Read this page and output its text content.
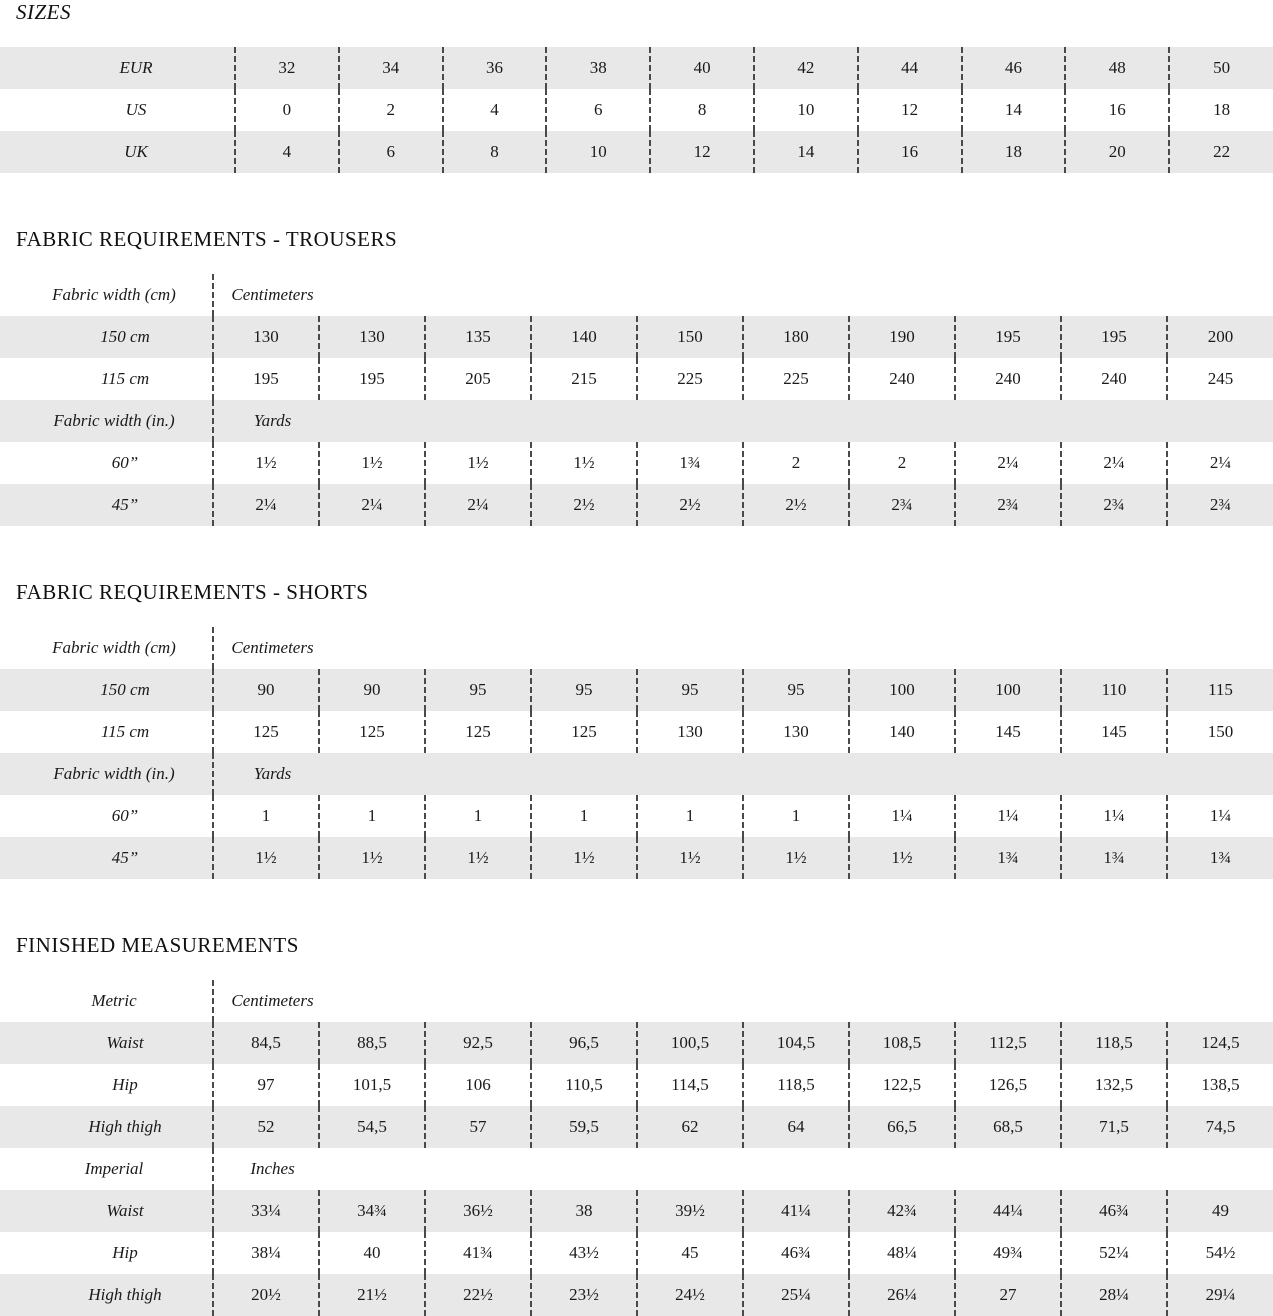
SIZES
EUR	32	34	36	38	40	42	44	46	48	50
US	0	2	4	6	8	10	12	14	16	18
UK	4	6	8	10	12	14	16	18	20	22
FABRIC REQUIREMENTS - TROUSERS
Fabric width (cm)	Centimeters									
150 cm	130	130	135	140	150	180	190	195	195	200
115 cm	195	195	205	215	225	225	240	240	240	245
Fabric width (in.)	Yards									
60”	1½	1½	1½	1½	1¾	2	2	2¼	2¼	2¼
45”	2¼	2¼	2¼	2½	2½	2½	2¾	2¾	2¾	2¾
FABRIC REQUIREMENTS - SHORTS
Fabric width (cm)	Centimeters									
150 cm	90	90	95	95	95	95	100	100	110	115
115 cm	125	125	125	125	130	130	140	145	145	150
Fabric width (in.)	Yards									
60”	1	1	1	1	1	1	1¼	1¼	1¼	1¼
45”	1½	1½	1½	1½	1½	1½	1½	1¾	1¾	1¾
FINISHED MEASUREMENTS
Metric	Centimeters									
Waist	84,5	88,5	92,5	96,5	100,5	104,5	108,5	112,5	118,5	124,5
Hip	97	101,5	106	110,5	114,5	118,5	122,5	126,5	132,5	138,5
High thigh	52	54,5	57	59,5	62	64	66,5	68,5	71,5	74,5
Imperial	Inches									
Waist	33¼	34¾	36½	38	39½	41¼	42¾	44¼	46¾	49
Hip	38¼	40	41¾	43½	45	46¾	48¼	49¾	52¼	54½
High thigh	20½	21½	22½	23½	24½	25¼	26¼	27	28¼	29¼
